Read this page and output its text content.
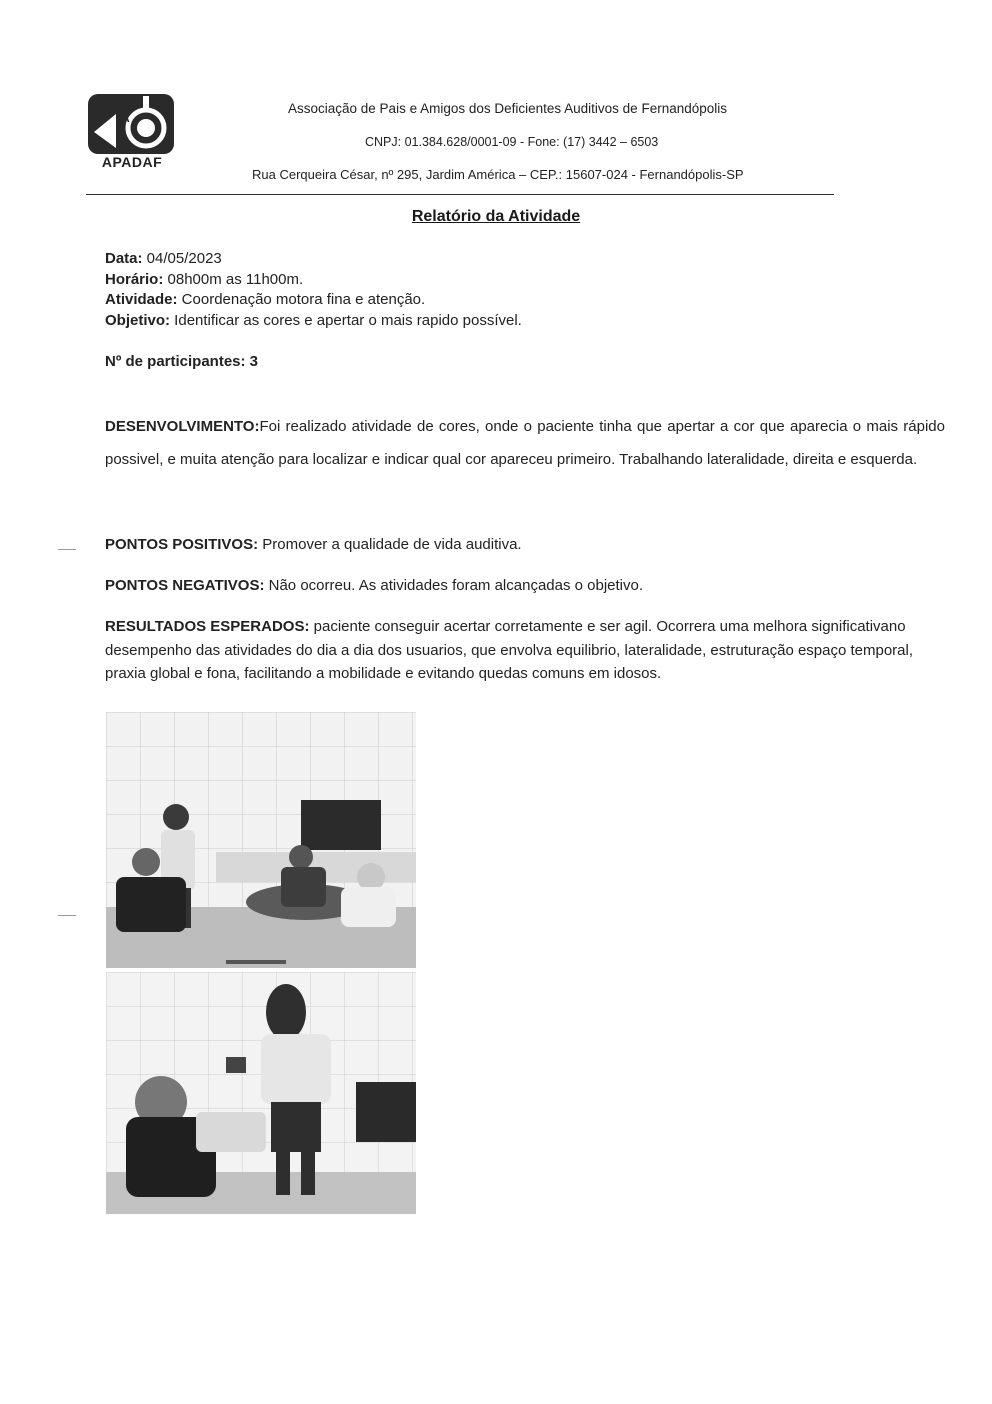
A
APADAF
Associação de Pais e Amigos dos Deficientes Auditivos de Fernandópolis
CNPJ: 01.384.628/0001-09 - Fone: (17) 3442 – 6503
Rua Cerqueira César, nº 295, Jardim América – CEP.: 15607-024 - Fernandópolis-SP
Relatório da Atividade
Data: 04/05/2023
Horário: 08h00m as 11h00m.
Atividade: Coordenação motora fina e atenção.
Objetivo: Identificar as cores e apertar o mais rapido possível.
Nº de participantes: 3
DESENVOLVIMENTO:Foi realizado atividade de cores, onde o paciente tinha que apertar a cor que aparecia o mais rápido possivel, e muita atenção para localizar e indicar qual cor apareceu primeiro. Trabalhando lateralidade, direita e esquerda.
PONTOS POSITIVOS: Promover a qualidade de vida auditiva.
PONTOS NEGATIVOS: Não ocorreu. As atividades foram alcançadas o objetivo.
RESULTADOS ESPERADOS: paciente conseguir acertar corretamente e ser agil. Ocorrera uma melhora significativano desempenho das atividades do dia a dia dos usuarios, que envolva equilibrio, lateralidade, estruturação espaço temporal, praxia global e fona, facilitando a mobilidade e evitando quedas comuns em idosos.
